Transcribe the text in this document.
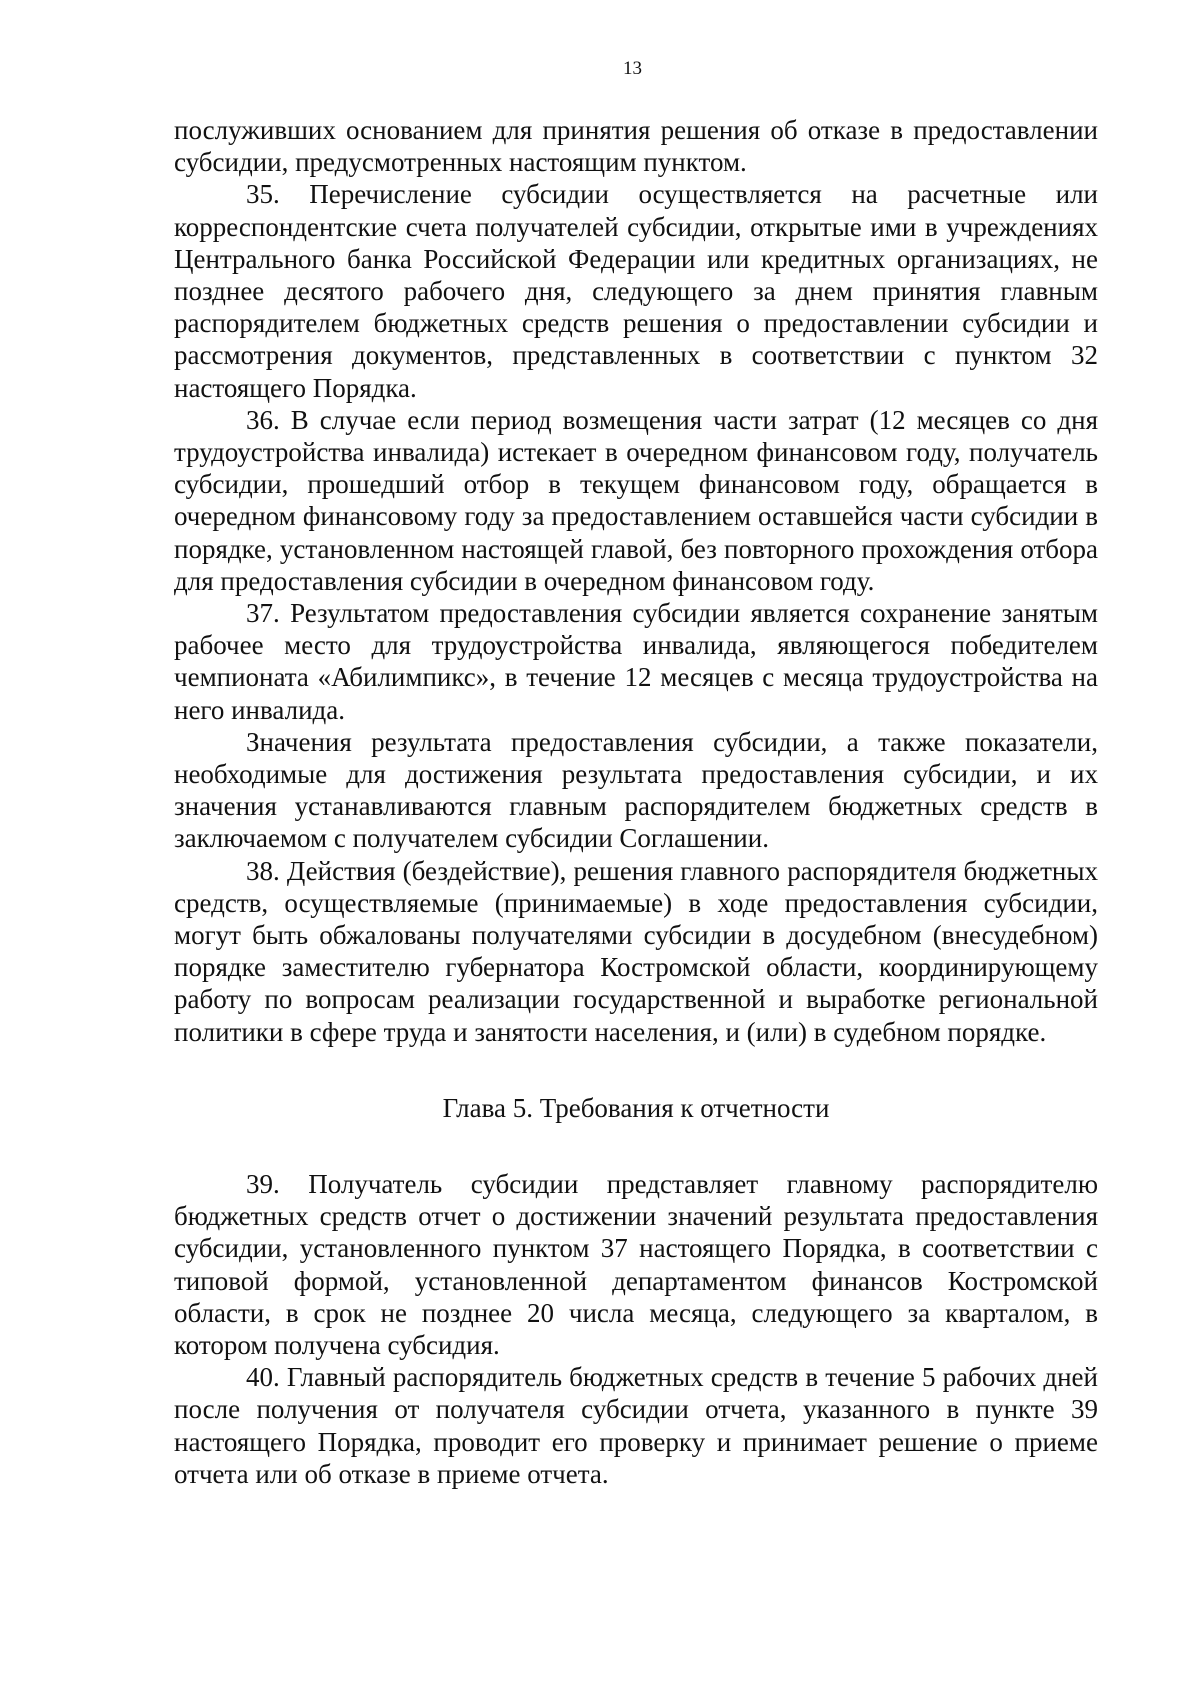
13

послуживших основанием для принятия решения об отказе в предоставлении субсидии, предусмотренных настоящим пунктом.

35. Перечисление субсидии осуществляется на расчетные или корреспондентские счета получателей субсидии, открытые ими в учреждениях Центрального банка Российской Федерации или кредитных организациях, не позднее десятого рабочего дня, следующего за днем принятия главным распорядителем бюджетных средств решения о предоставлении субсидии и рассмотрения документов, представленных в соответствии с пунктом 32 настоящего Порядка.

36. В случае если период возмещения части затрат (12 месяцев со дня трудоустройства инвалида) истекает в очередном финансовом году, получатель субсидии, прошедший отбор в текущем финансовом году, обращается в очередном финансовому году за предоставлением оставшейся части субсидии в порядке, установленном настоящей главой, без повторного прохождения отбора для предоставления субсидии в очередном финансовом году.

37. Результатом предоставления субсидии является сохранение занятым рабочее место для трудоустройства инвалида, являющегося победителем чемпионата «Абилимпикс», в течение 12 месяцев с месяца трудоустройства на него инвалида.

Значения результата предоставления субсидии, а также показатели, необходимые для достижения результата предоставления субсидии, и их значения устанавливаются главным распорядителем бюджетных средств в заключаемом с получателем субсидии Соглашении.

38. Действия (бездействие), решения главного распорядителя бюджетных средств, осуществляемые (принимаемые) в ходе предоставления субсидии, могут быть обжалованы получателями субсидии в досудебном (внесудебном) порядке заместителю губернатора Костромской области, координирующему работу по вопросам реализации государственной и выработке региональной политики в сфере труда и занятости населения, и (или) в судебном порядке.

Глава 5. Требования к отчетности

39. Получатель субсидии представляет главному распорядителю бюджетных средств отчет о достижении значений результата предоставления субсидии, установленного пунктом 37 настоящего Порядка, в соответствии с типовой формой, установленной департаментом финансов Костромской области, в срок не позднее 20 числа месяца, следующего за кварталом, в котором получена субсидия.

40. Главный распорядитель бюджетных средств в течение 5 рабочих дней после получения от получателя субсидии отчета, указанного в пункте 39 настоящего Порядка, проводит его проверку и принимает решение о приеме отчета или об отказе в приеме отчета.
